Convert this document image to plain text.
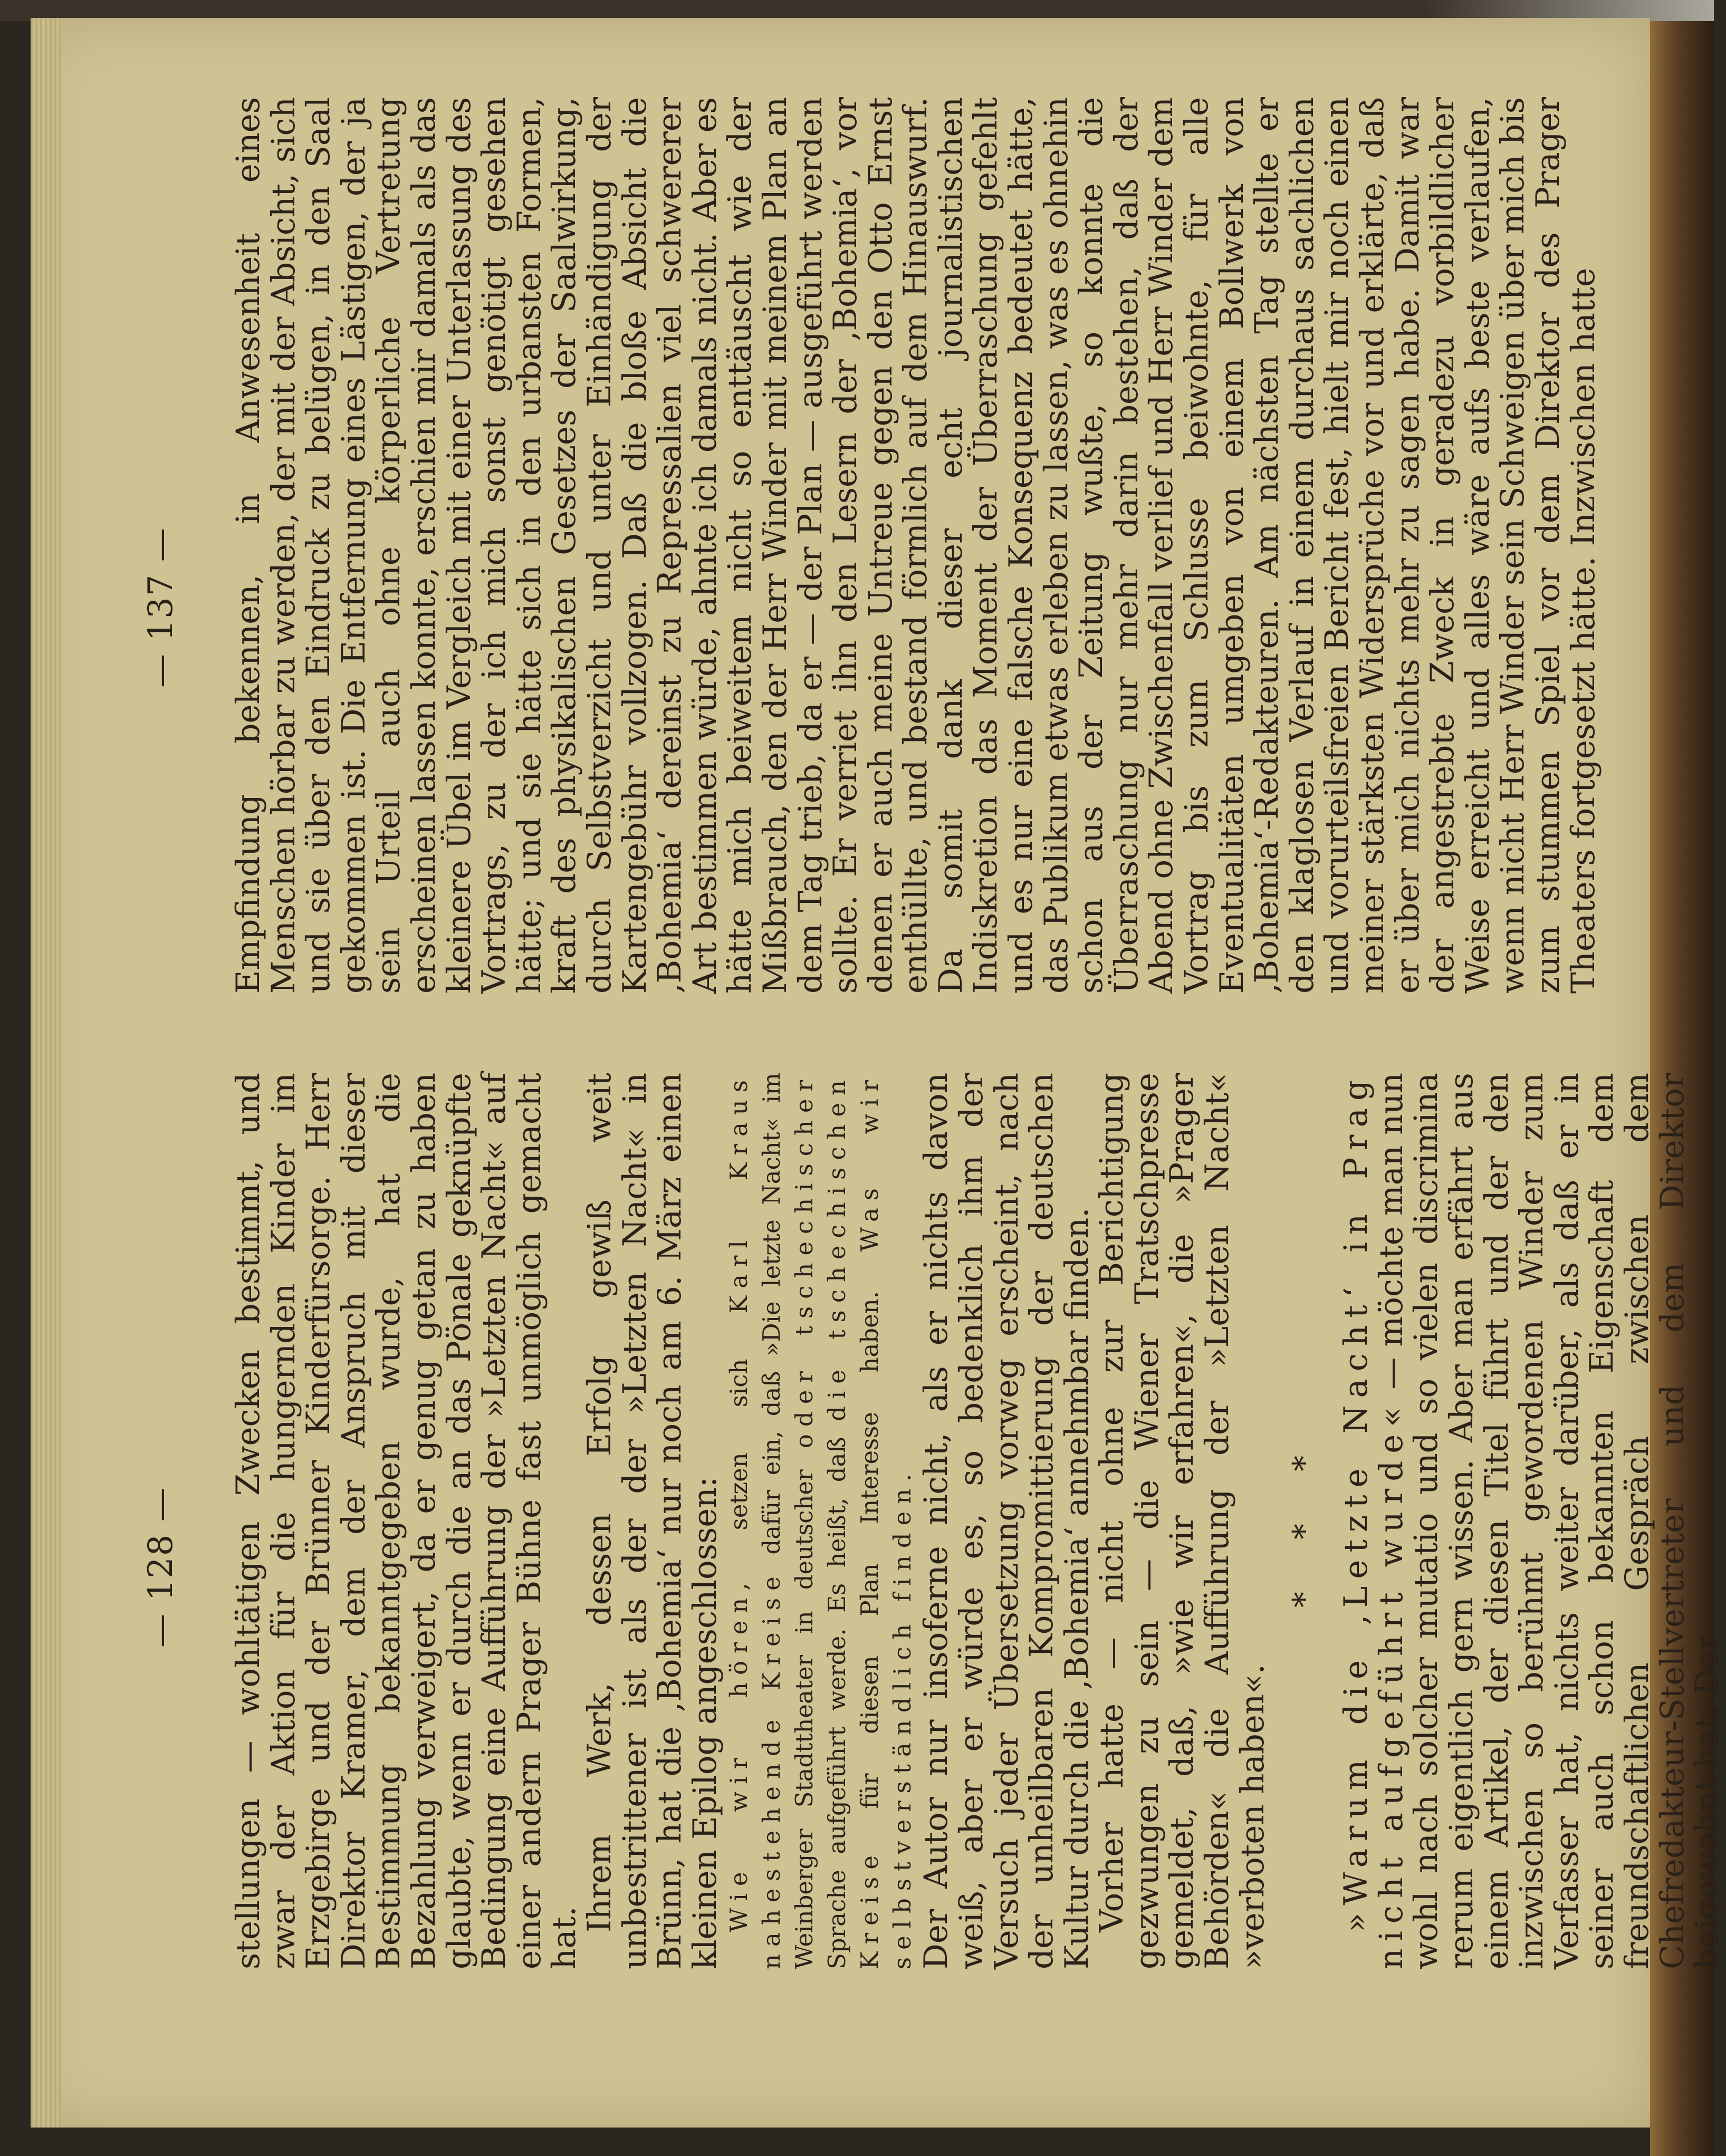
— 128 — stellungen — wohltätigen Zwecken bestimmt, und zwar der Aktion für die hungernden Kinder im Erzgebirge und der Brünner Kinderfürsorge. Herr Direktor Kramer, dem der Anspruch mit dieser Bestimmung bekanntgegeben wurde, hat die Bezahlung verweigert, da er genug getan zu haben glaubte, wenn er durch die an das Pönale geknüpfte Bedingung eine Aufführung der »Letzten Nacht« auf einer andern Prager Bühne fast unmöglich gemacht hat.

Ihrem Werk, dessen Erfolg gewiß weit unbestrittener ist als der der »Letzten Nacht« in Brünn, hat die ‚Bohemia‘ nur noch am 6. März einen kleinen Epilog angeschlossen: Wie wir hören, setzen sich Karl Kraus nahestehende Kreise dafür ein, daß »Die letzte Nacht« im Weinberger Stadttheater in deutscher oder tschechischer Sprache aufgeführt werde. Es heißt, daß die tschechischen Kreise für diesen Plan Interesse haben. Was wir selbstverständlich finden. Der Autor nur insoferne nicht, als er nichts davon weiß, aber er würde es, so bedenklich ihm der Versuch jeder Übersetzung vorweg erscheint, nach der unheilbaren Kompromittierung der deutschen Kultur durch die ‚Bohemia‘ annehmbar finden.

Vorher hatte — nicht ohne zur Berichtigung gezwungen zu sein — die Wiener Tratschpresse gemeldet, daß, »wie wir erfahren«, die »Prager Behörden« die Aufführung der »Letzten Nacht« »verboten haben«.

* * * »Warum die ‚Letzte Nacht‘ in Prag nicht aufgeführt wurde« — möchte man nun wohl nach solcher mutatio und so vielen discrimina rerum eigentlich gern wissen. Aber man erfährt aus einem Artikel, der diesen Titel führt und der den inzwischen so berühmt gewordenen Winder zum Verfasser hat, nichts weiter darüber, als daß er in seiner auch schon bekannten Eigenschaft dem freundschaftlichen Gespräch zwischen dem Chefredakteur-Stellvertreter und dem Direktor beigewohnt hat. Der

— 137 — Empfindung bekennen, in Anwesenheit eines Menschen hörbar zu werden, der mit der Absicht, sich und sie über den Eindruck zu belügen, in den Saal gekommen ist. Die Entfernung eines Lästigen, der ja sein Urteil auch ohne körperliche Vertretung erscheinen lassen konnte, erschien mir damals als das kleinere Übel im Vergleich mit einer Unterlassung des Vortrags, zu der ich mich sonst genötigt gesehen hätte; und sie hätte sich in den urbansten Formen, kraft des physikalischen Gesetzes der Saalwirkung, durch Selbstverzicht und unter Einhändigung der Kartengebühr vollzogen. Daß die bloße Absicht die ‚Bohemia‘ dereinst zu Repressalien viel schwererer Art bestimmen würde, ahnte ich damals nicht. Aber es hätte mich beiweitem nicht so enttäuscht wie der Mißbrauch, den der Herr Winder mit meinem Plan an dem Tag trieb, da er — der Plan — ausgeführt werden sollte. Er verriet ihn den Lesern der ‚Bohemia‘, vor denen er auch meine Untreue gegen den Otto Ernst enthüllte, und bestand förmlich auf dem Hinauswurf. Da somit dank dieser echt journalistischen Indiskretion das Moment der Überraschung gefehlt und es nur eine falsche Konsequenz bedeutet hätte, das Publikum etwas erleben zu lassen, was es ohnehin schon aus der Zeitung wußte, so konnte die Überraschung nur mehr darin bestehen, daß der Abend ohne Zwischenfall verlief und Herr Winder dem Vortrag bis zum Schlusse beiwohnte, für alle Eventualitäten umgeben von einem Bollwerk von ‚Bohemia‘-Redakteuren. Am nächsten Tag stellte er den klaglosen Verlauf in einem durchaus sachlichen und vorurteilsfreien Bericht fest, hielt mir noch einen meiner stärksten Widersprüche vor und erklärte, daß er über mich nichts mehr zu sagen habe. Damit war der angestrebte Zweck in geradezu vorbildlicher Weise erreicht und alles wäre aufs beste verlaufen, wenn nicht Herr Winder sein Schweigen über mich bis zum stummen Spiel vor dem Direktor des Prager Theaters fortgesetzt hätte. Inzwischen hatte
